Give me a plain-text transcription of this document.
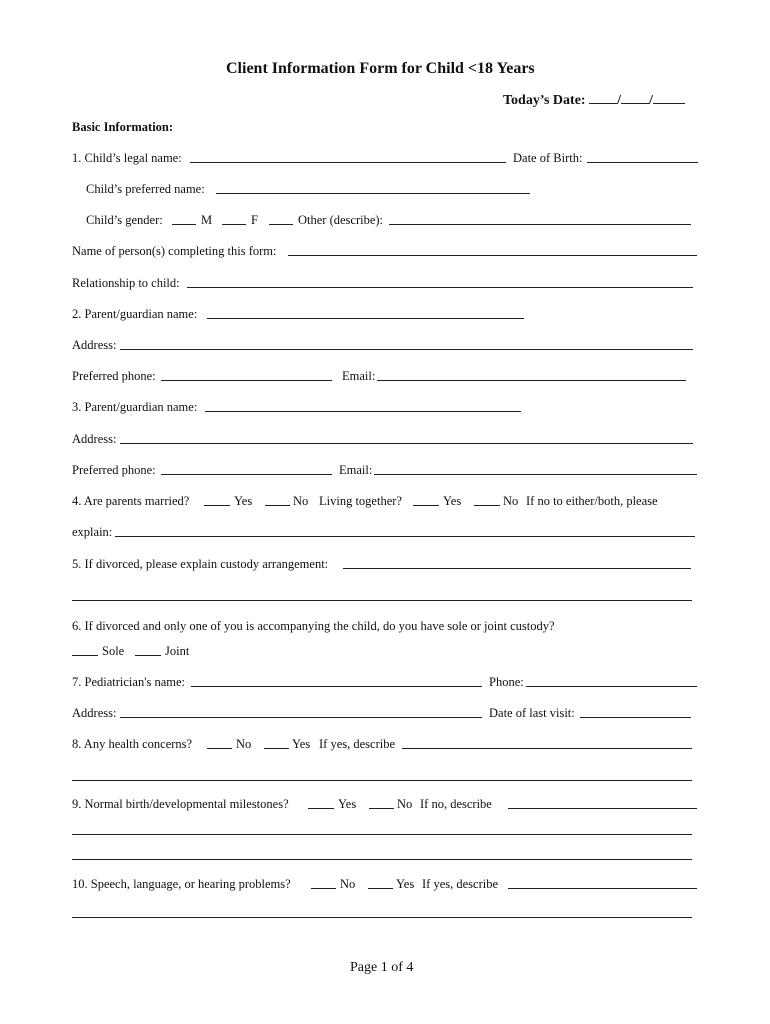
Client Information Form for Child <18 Years
Today’s Date: / /
Basic Information:
1. Child’s legal name:	Date of Birth:
Child’s preferred name:
Child’s gender:	M	F	Other (describe):
Name of person(s) completing this form:
Relationship to child:
2. Parent/guardian name:
Address:
Preferred phone:	Email:
3. Parent/guardian name:
Address:
Preferred phone:	Email:
4. Are parents married?	Yes	No Living together?	Yes	No If no to either/both, please
explain:
5. If divorced, please explain custody arrangement:
6. If divorced and only one of you is accompanying the child, do you have sole or joint custody?
Sole	Joint
7. Pediatrician's name:	Phone:
Address:	Date of last visit:
8. Any health concerns?	No	Yes If yes, describe
9. Normal birth/developmental milestones?	Yes	No If no, describe
10. Speech, language, or hearing problems?	No	Yes If yes, describe
Page 1 of 4
